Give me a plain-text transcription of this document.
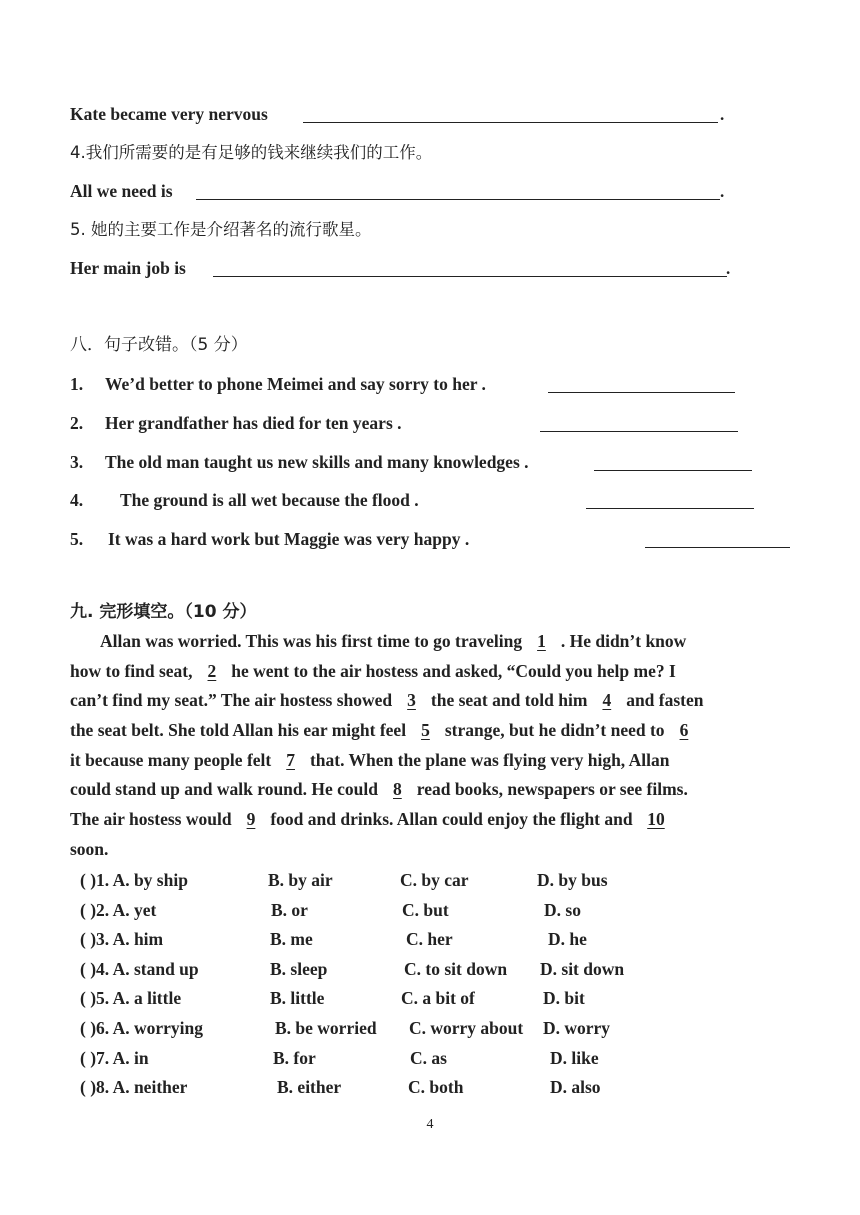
Kate became very nervous	.
4.我们所需要的是有足够的钱来继续我们的工作。
All we need is	.
5. 她的主要工作是介绍著名的流行歌星。
Her main job is	.
八．句子改错。（5 分）
1. We’d better to phone Meimei and say sorry to her .
2. Her grandfather has died for ten years .
3. The old man taught us new skills and many knowledges .
4. The ground is all wet because the flood .
5. It was a hard work but Maggie was very happy .
九. 完形填空。（10 分）
Allan was worried. This was his first time to go traveling 1 . He didn’t know
how to find seat, 2 he went to the air hostess and asked, “Could you help me? I
can’t find my seat.” The air hostess showed 3 the seat and told him 4 and fasten
the seat belt. She told Allan his ear might feel 5 strange, but he didn’t need to 6
it because many people felt 7 that. When the plane was flying very high, Allan
could stand up and walk round. He could 8 read books, newspapers or see films.
The air hostess would 9 food and drinks. Allan could enjoy the flight and 10
soon.
( )1. A. by ship	B. by air	C. by car	D. by bus
( )2. A. yet	B. or	C. but	D. so
( )3. A. him	B. me	C. her	D. he
( )4. A. stand up	B. sleep	C. to sit down D. sit down
( )5. A. a little	B. little	C. a bit of	D. bit
( )6. A. worrying	B. be worried C. worry about D. worry
( )7. A. in	B. for	C. as	D. like
( )8. A. neither	B. either	C. both	D. also
4
